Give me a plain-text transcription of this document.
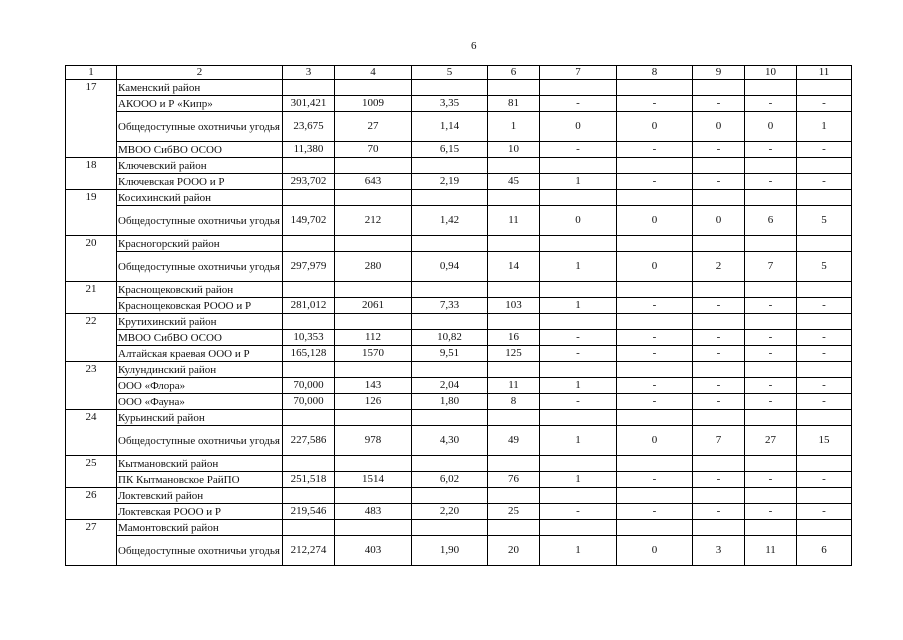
6
1	2	3	4	5	6	7	8	9	10	11
17	Каменский район									
	АКООО и Р «Кипр»	301,421	1009	3,35	81	-	-	-	-	-
	Общедоступные охотничьи угодья	23,675	27	1,14	1	0	0	0	0	1
	МВОО СибВО ОСОО	11,380	70	6,15	10	-	-	-	-	-
18	Ключевский район									
	Ключевская РООО и Р	293,702	643	2,19	45	1	-	-	-	-
19	Косихинский район									
	Общедоступные охотничьи угодья	149,702	212	1,42	11	0	0	0	6	5
20	Красногорский район									
	Общедоступные охотничьи угодья	297,979	280	0,94	14	1	0	2	7	5
21	Краснощековский район									
	Краснощековская РООО и Р	281,012	2061	7,33	103	1	-	-	-	-
22	Крутихинский район									
	МВОО СибВО ОСОО	10,353	112	10,82	16	-	-	-	-	-
	Алтайская краевая ООО и Р	165,128	1570	9,51	125	-	-	-	-	-
23	Кулундинский район									
	ООО «Флора»	70,000	143	2,04	11	1	-	-	-	-
	ООО «Фауна»	70,000	126	1,80	8	-	-	-	-	-
24	Курьинский район									
	Общедоступные охотничьи угодья	227,586	978	4,30	49	1	0	7	27	15
25	Кытмановский район									
	ПК Кытмановское РайПО	251,518	1514	6,02	76	1	-	-	-	-
26	Локтевский район									
	Локтевская РООО и Р	219,546	483	2,20	25	-	-	-	-	-
27	Мамонтовский район									
	Общедоступные охотничьи угодья	212,274	403	1,90	20	1	0	3	11	6
